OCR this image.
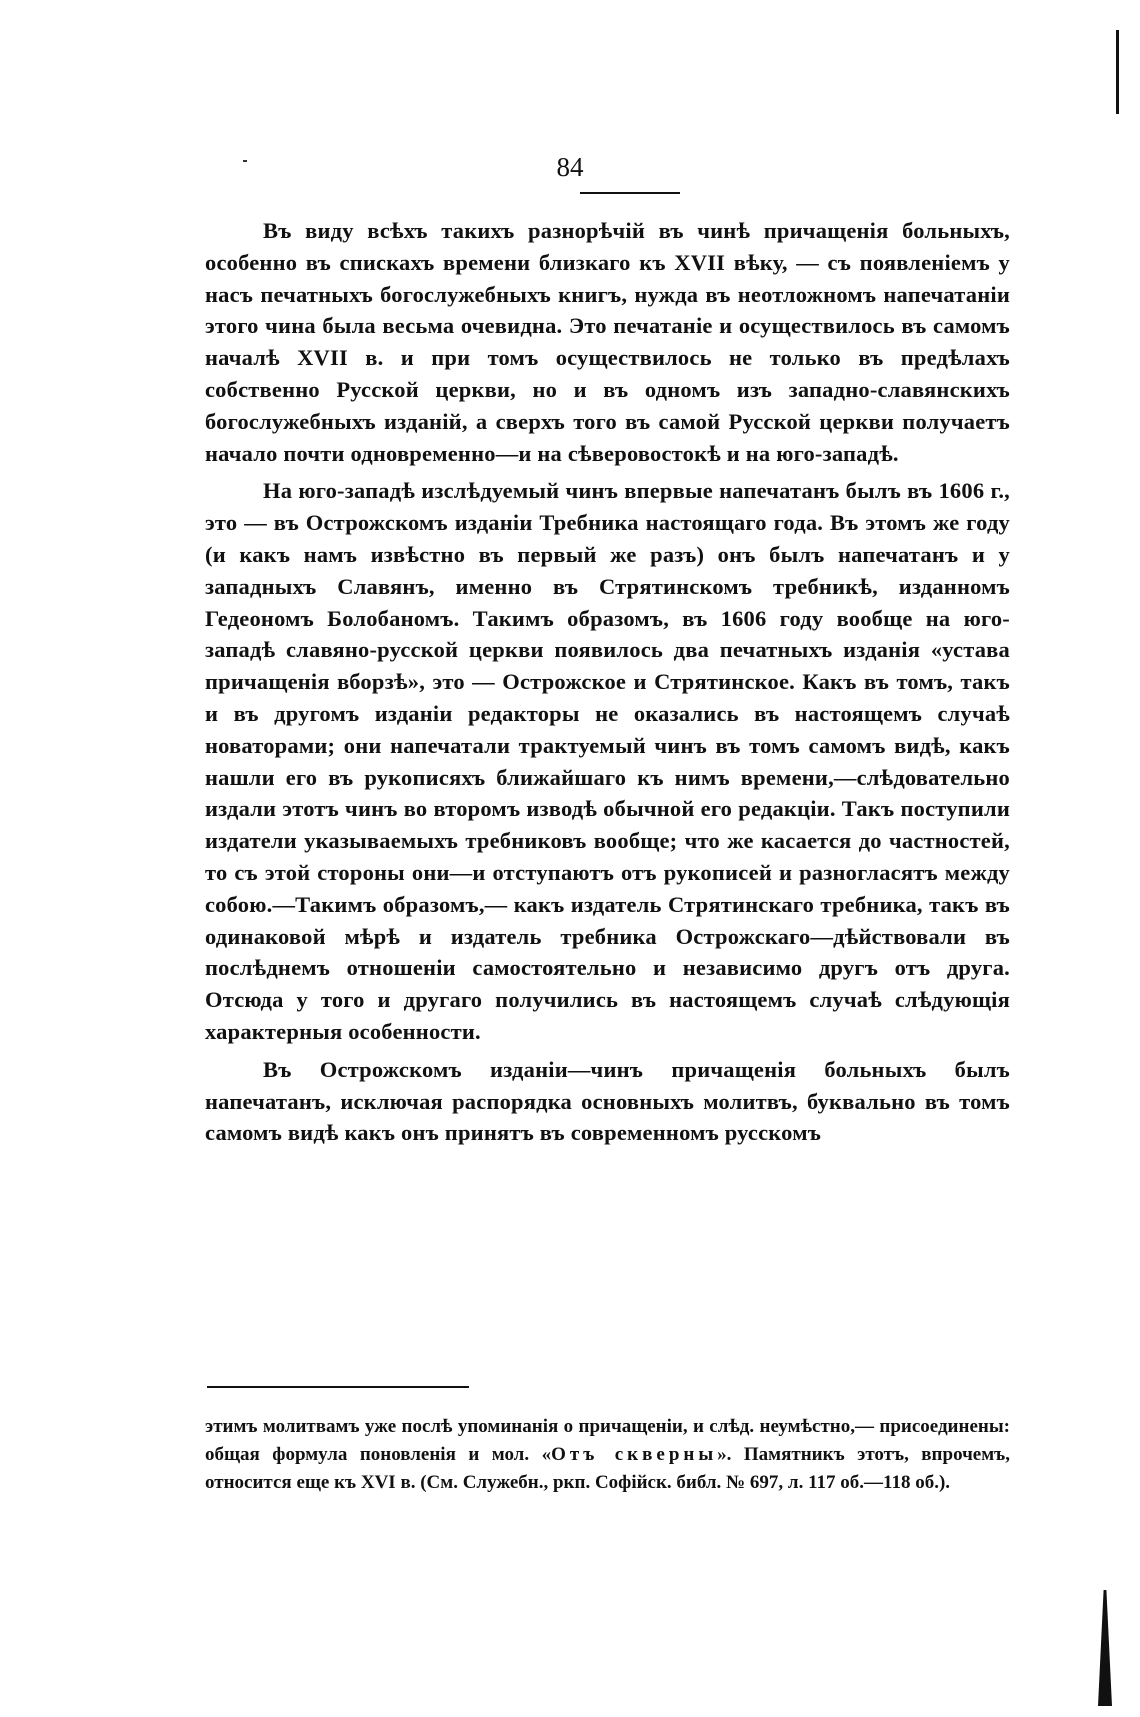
84

Въ виду всѣхъ такихъ разнорѣчій въ чинѣ причащенія больныхъ, особенно въ спискахъ времени близкаго къ XVII вѣку, — съ появленіемъ у насъ печатныхъ богослужебныхъ книгъ, нужда въ неотложномъ напечатаніи этого чина была весьма очевидна. Это печатаніе и осуществилось въ самомъ началѣ XVII в. и при томъ осуществилось не только въ предѣлахъ собственно Русской церкви, но и въ одномъ изъ западно-славянскихъ богослужебныхъ изданій, а сверхъ того въ самой Русской церкви получаетъ начало почти одновременно—и на сѣверовостокѣ и на юго-западѣ.

На юго-западѣ изслѣдуемый чинъ впервые напечатанъ былъ въ 1606 г., это — въ Острожскомъ изданіи Требника настоящаго года. Въ этомъ же году (и какъ намъ извѣстно въ первый же разъ) онъ былъ напечатанъ и у западныхъ Славянъ, именно въ Стрятинскомъ требникѣ, изданномъ Гедеономъ Болобаномъ. Такимъ образомъ, въ 1606 году вообще на юго-западѣ славяно-русской церкви появилось два печатныхъ изданія «устава причащенія вборзѣ», это — Острожское и Стрятинское. Какъ въ томъ, такъ и въ другомъ изданіи редакторы не оказались въ настоящемъ случаѣ новаторами; они напечатали трактуемый чинъ въ томъ самомъ видѣ, какъ нашли его въ рукописяхъ ближайшаго къ нимъ времени,—слѣдовательно издали этотъ чинъ во второмъ изводѣ обычной его редакціи. Такъ поступили издатели указываемыхъ требниковъ вообще; что же касается до частностей, то съ этой стороны они—и отступаютъ отъ рукописей и разногласятъ между собою.—Такимъ образомъ,— какъ издатель Стрятинскаго требника, такъ въ одинаковой мѣрѣ и издатель требника Острожскаго—дѣйствовали въ послѣднемъ отношеніи самостоятельно и независимо другъ отъ друга. Отсюда у того и другаго получились въ настоящемъ случаѣ слѣдующія характерныя особенности.

Въ Острожскомъ изданіи—чинъ причащенія больныхъ былъ напечатанъ, исключая распорядка основныхъ молитвъ, буквально въ томъ самомъ видѣ какъ онъ принятъ въ современномъ русскомъ

этимъ молитвамъ уже послѣ упоминанія о причащеніи, и слѣд. неумѣстно,— присоединены: общая формула поновленія и мол. «Отъ скверны». Памятникъ этотъ, впрочемъ, относится еще къ XVI в. (См. Служебн., ркп. Софійск. библ. № 697, л. 117 об.—118 об.).
